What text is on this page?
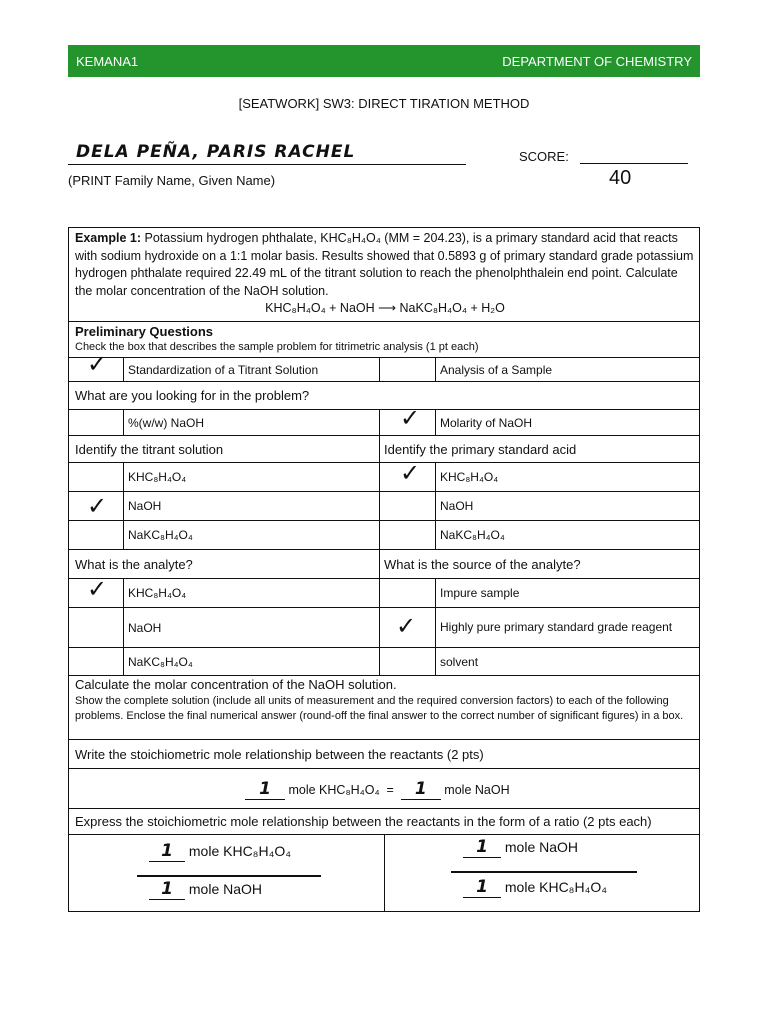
KEMANA1	DEPARTMENT OF CHEMISTRY
[SEATWORK] SW3: DIRECT TIRATION METHOD
DELA PEÑA, PARIS RACHEL
(PRINT Family Name, Given Name)
SCORE:
40
Example 1: Potassium hydrogen phthalate, KHC₈H₄O₄ (MM = 204.23), is a primary standard acid that reacts with sodium hydroxide on a 1:1 molar basis. Results showed that 0.5893 g of primary standard grade potassium hydrogen phthalate required 22.49 mL of the titrant solution to reach the phenolphthalein end point. Calculate the molar concentration of the NaOH solution.
KHC₈H₄O₄ + NaOH ⟶ NaKC₈H₄O₄ + H₂O
Preliminary Questions
Check the box that describes the sample problem for titrimetric analysis (1 pt each)
✓	Standardization of a Titrant Solution	Analysis of a Sample
What are you looking for in the problem?
%(w/w) NaOH	✓	Molarity of NaOH
Identify the titrant solution	Identify the primary standard acid
KHC₈H₄O₄	✓	KHC₈H₄O₄
✓	NaOH	NaOH
NaKC₈H₄O₄	NaKC₈H₄O₄
What is the analyte?	What is the source of the analyte?
✓	KHC₈H₄O₄	Impure sample
NaOH	✓	Highly pure primary standard grade reagent
NaKC₈H₄O₄	solvent
Calculate the molar concentration of the NaOH solution.
Show the complete solution (include all units of measurement and the required conversion factors) to each of the following problems. Enclose the final numerical answer (round-off the final answer to the correct number of significant figures) in a box.
Write the stoichiometric mole relationship between the reactants (2 pts)
1 mole KHC₈H₄O₄ = 1 mole NaOH
Express the stoichiometric mole relationship between the reactants in the form of a ratio (2 pts each)
1 mole KHC₈H₄O₄
1 mole NaOH
1 mole NaOH
1 mole KHC₈H₄O₄
